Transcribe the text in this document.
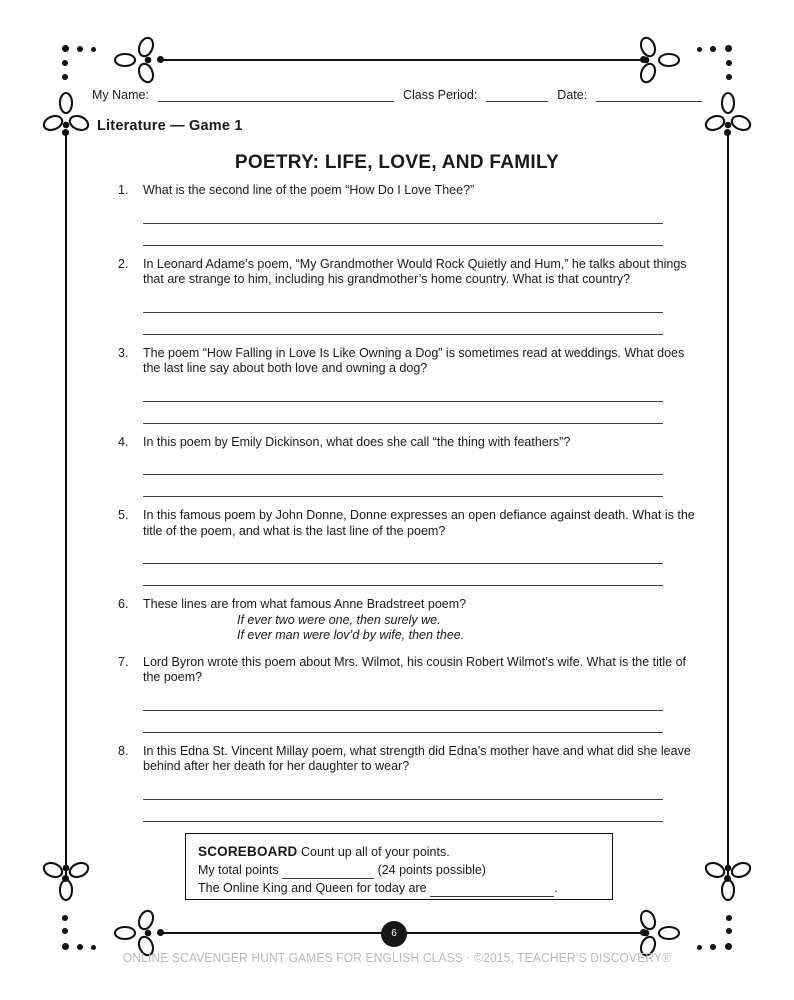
My Name:	Class Period:	Date:
Literature — Game 1
POETRY: LIFE, LOVE, AND FAMILY
1.	What is the second line of the poem “How Do I Love Thee?”
2.	In Leonard Adame’s poem, “My Grandmother Would Rock Quietly and Hum,” he talks about things that are strange to him, including his grandmother’s home country. What is that country?
3.	The poem “How Falling in Love Is Like Owning a Dog” is sometimes read at weddings. What does the last line say about both love and owning a dog?
4.	In this poem by Emily Dickinson, what does she call “the thing with feathers”?
5.	In this famous poem by John Donne, Donne expresses an open defiance against death. What is the title of the poem, and what is the last line of the poem?
6.	These lines are from what famous Anne Bradstreet poem?
If ever two were one, then surely we.
If ever man were lov’d by wife, then thee.
7.	Lord Byron wrote this poem about Mrs. Wilmot, his cousin Robert Wilmot’s wife. What is the title of the poem?
8.	In this Edna St. Vincent Millay poem, what strength did Edna’s mother have and what did she leave behind after her death for her daughter to wear?
SCOREBOARD Count up all of your points.
My total points	(24 points possible)
The Online King and Queen for today are	.
6
ONLINE SCAVENGER HUNT GAMES FOR ENGLISH CLASS · ©2015, TEACHER’S DISCOVERY®
